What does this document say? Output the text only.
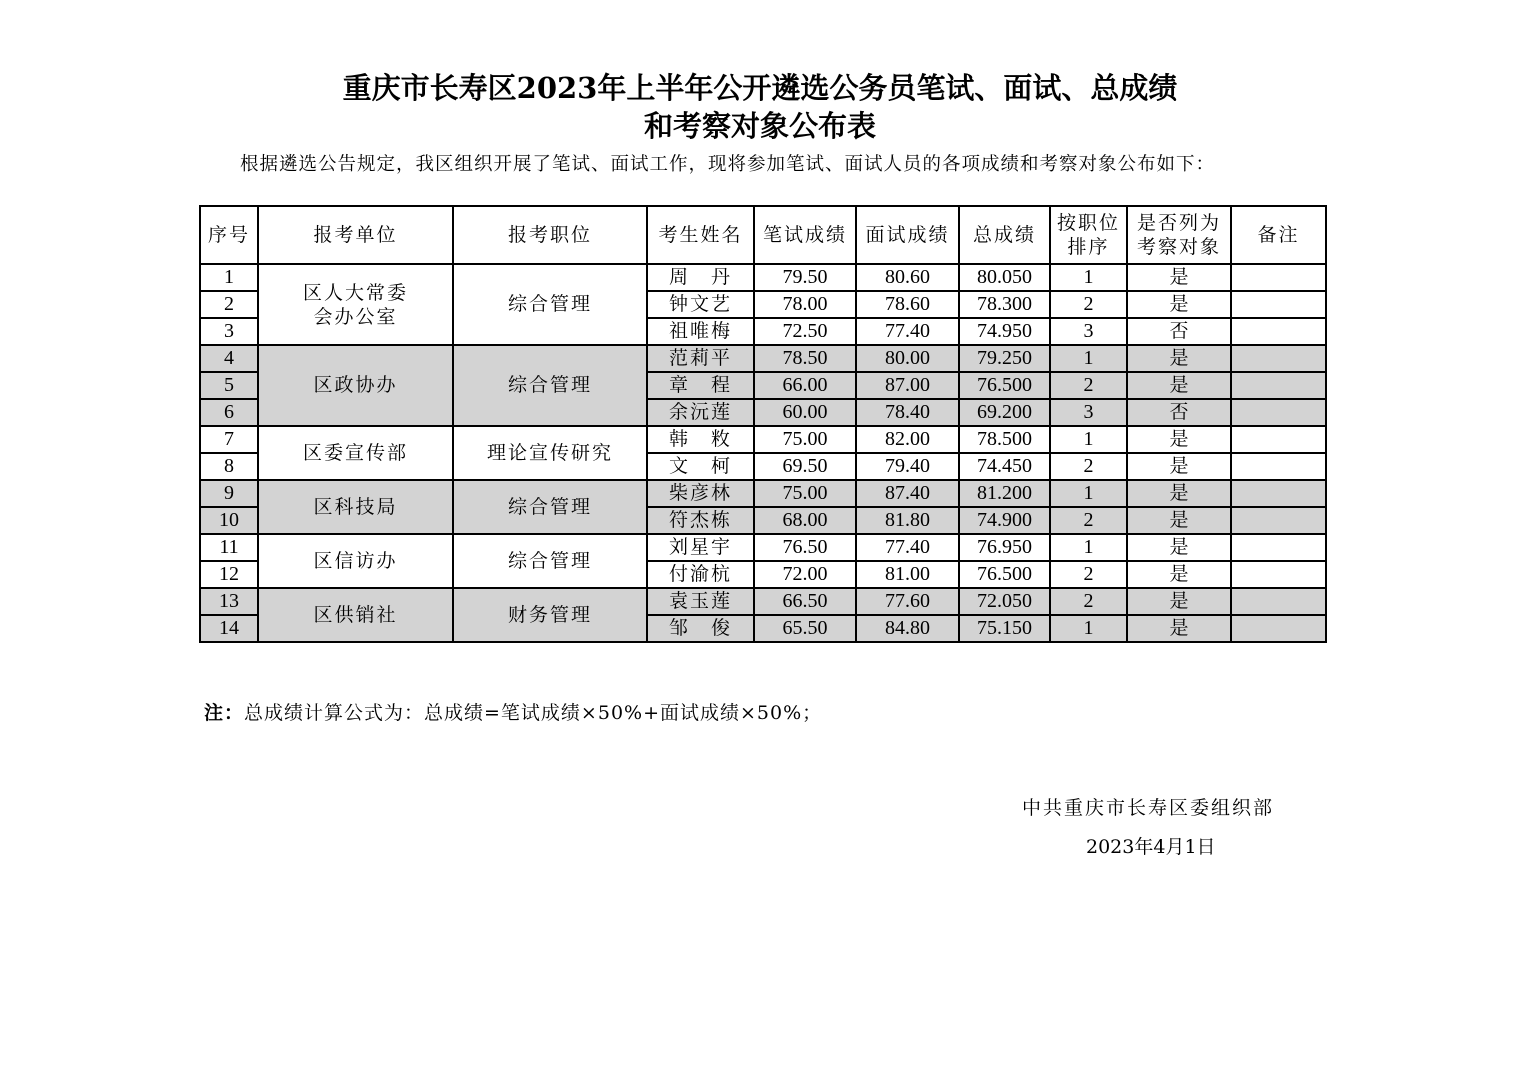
重庆市长寿区2023年上半年公开遴选公务员笔试、面试、总成绩
和考察对象公布表

根据遴选公告规定，我区组织开展了笔试、面试工作，现将参加笔试、面试人员的各项成绩和考察对象公布如下：

序号	报考单位	报考职位	考生姓名	笔试成绩	面试成绩	总成绩	按职位排序	是否列为考察对象	备注
1	区人大常委会办公室	综合管理	周　丹	79.50	80.60	80.050	1	是	
2			钟文艺	78.00	78.60	78.300	2	是	
3			祖唯梅	72.50	77.40	74.950	3	否	
4	区政协办	综合管理	范莉平	78.50	80.00	79.250	1	是	
5			章　程	66.00	87.00	76.500	2	是	
6			余沅莲	60.00	78.40	69.200	3	否	
7	区委宣传部	理论宣传研究	韩　敉	75.00	82.00	78.500	1	是	
8			文　柯	69.50	79.40	74.450	2	是	
9	区科技局	综合管理	柴彦林	75.00	87.40	81.200	1	是	
10			符杰栋	68.00	81.80	74.900	2	是	
11	区信访办	综合管理	刘星宇	76.50	77.40	76.950	1	是	
12			付渝杭	72.00	81.00	76.500	2	是	
13	区供销社	财务管理	袁玉莲	66.50	77.60	72.050	2	是	
14			邹　俊	65.50	84.80	75.150	1	是	
注：总成绩计算公式为：总成绩=笔试成绩×50%+面试成绩×50%；
中共重庆市长寿区委组织部
2023年4月1日
